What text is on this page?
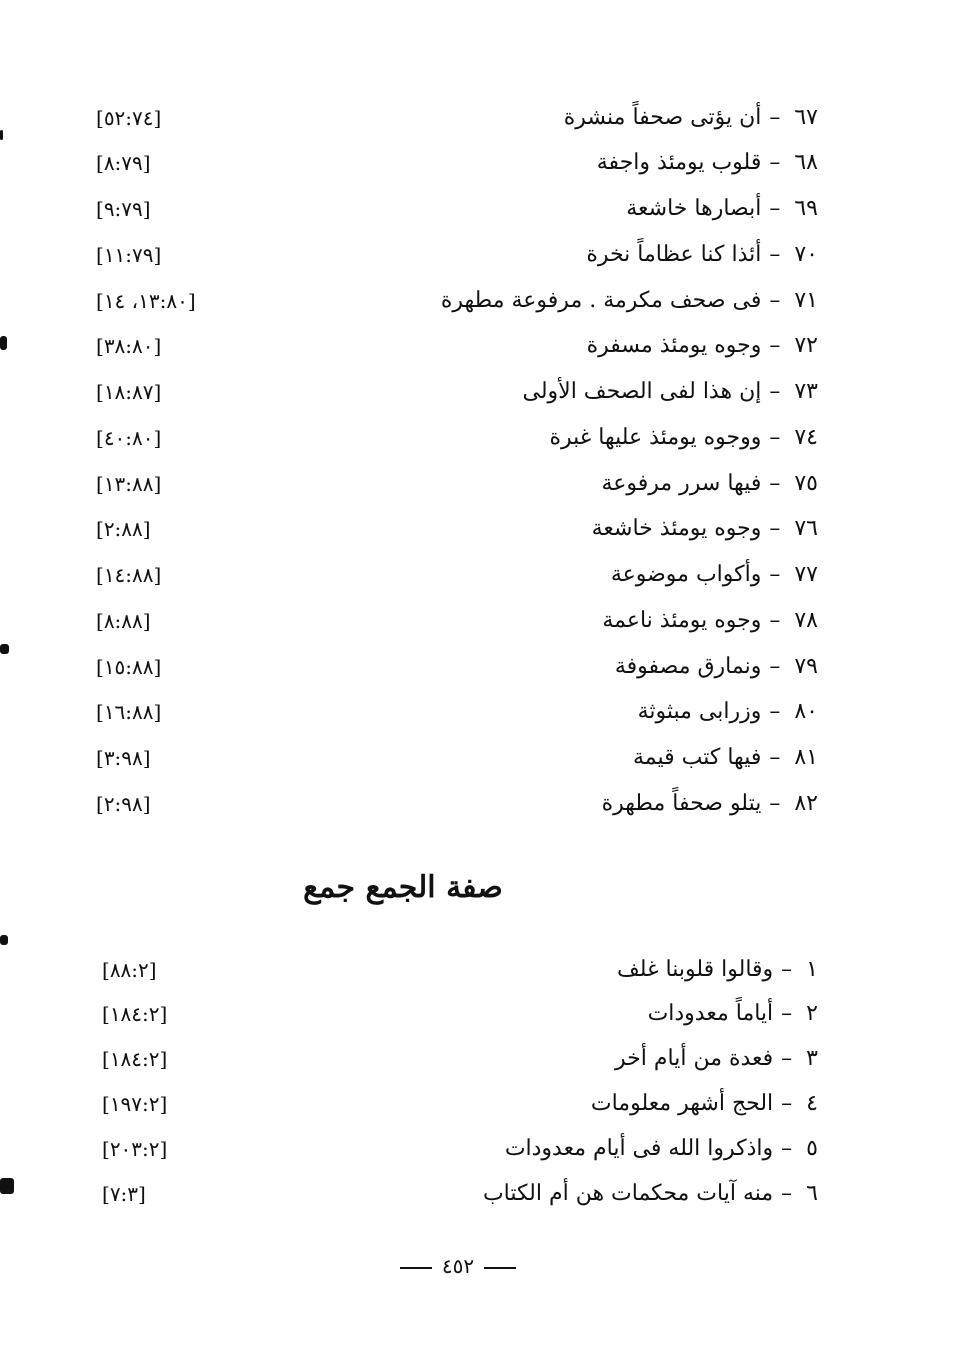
٦٧–أن يؤتى صحفاً منشرة
[٥٢:٧٤]
٦٨–قلوب يومئذ واجفة
[٨:٧٩]
٦٩–أبصارها خاشعة
[٩:٧٩]
٧٠–أئذا كنا عظاماً نخرة
[١١:٧٩]
٧١–فى صحف مكرمة . مرفوعة مطهرة
[١٣:٨٠، ١٤]
٧٢–وجوه يومئذ مسفرة
[٣٨:٨٠]
٧٣–إن هذا لفى الصحف الأولى
[١٨:٨٧]
٧٤–ووجوه يومئذ عليها غبرة
[٤٠:٨٠]
٧٥–فيها سرر مرفوعة
[١٣:٨٨]
٧٦–وجوه يومئذ خاشعة
[٢:٨٨]
٧٧–وأكواب موضوعة
[١٤:٨٨]
٧٨–وجوه يومئذ ناعمة
[٨:٨٨]
٧٩–ونمارق مصفوفة
[١٥:٨٨]
٨٠–وزرابى مبثوثة
[١٦:٨٨]
٨١–فيها كتب قيمة
[٣:٩٨]
٨٢–يتلو صحفاً مطهرة
[٢:٩٨]
صفة الجمع جمع
١–وقالوا قلوبنا غلف
[٨٨:٢]
٢–أياماً معدودات
[١٨٤:٢]
٣–فعدة من أيام أخر
[١٨٤:٢]
٤–الحج أشهر معلومات
[١٩٧:٢]
٥–واذكروا الله فى أيام معدودات
[٢٠٣:٢]
٦–منه آيات محكمات هن أم الكتاب
[٧:٣]
٤٥٢
